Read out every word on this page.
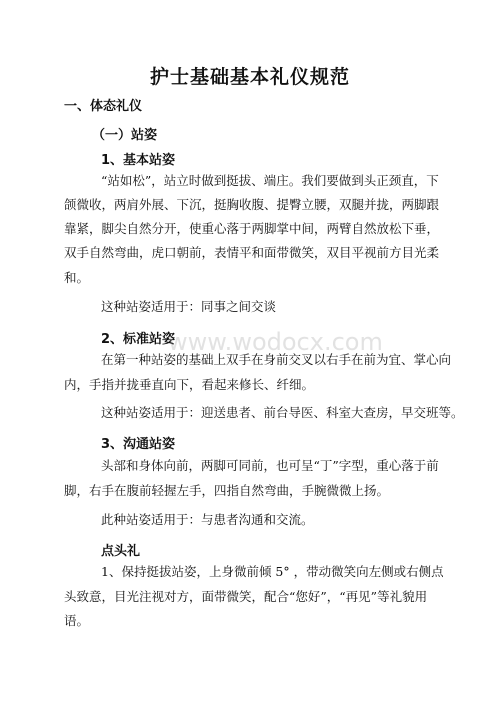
护士基础基本礼仪规范
一、体态礼仪
（一）站姿
1、基本站姿
“站如松”，站立时做到挺拔、端庄。我们要做到头正颈直，下
颌微收，两肩外展、下沉，挺胸收腹、提臀立腰，双腿并拢，两脚跟
靠紧，脚尖自然分开，使重心落于两脚掌中间，两臂自然放松下垂，
双手自然弯曲，虎口朝前，表情平和面带微笑，双目平视前方目光柔
和。
这种站姿适用于：同事之间交谈
2、标准站姿
www.wodocx.com
在第一种站姿的基础上双手在身前交叉以右手在前为宜、掌心向
内，手指并拢垂直向下，看起来修长、纤细。
这种站姿适用于：迎送患者、前台导医、科室大查房，早交班等。
3、沟通站姿
头部和身体向前，两脚可同前，也可呈“丁”字型，重心落于前
脚，右手在腹前轻握左手，四指自然弯曲，手腕微微上扬。
此种站姿适用于：与患者沟通和交流。
点头礼
1、保持挺拔站姿，上身微前倾 5° ，带动微笑向左侧或右侧点
头致意，目光注视对方，面带微笑，配合“您好”，“再见”等礼貌用
语。
